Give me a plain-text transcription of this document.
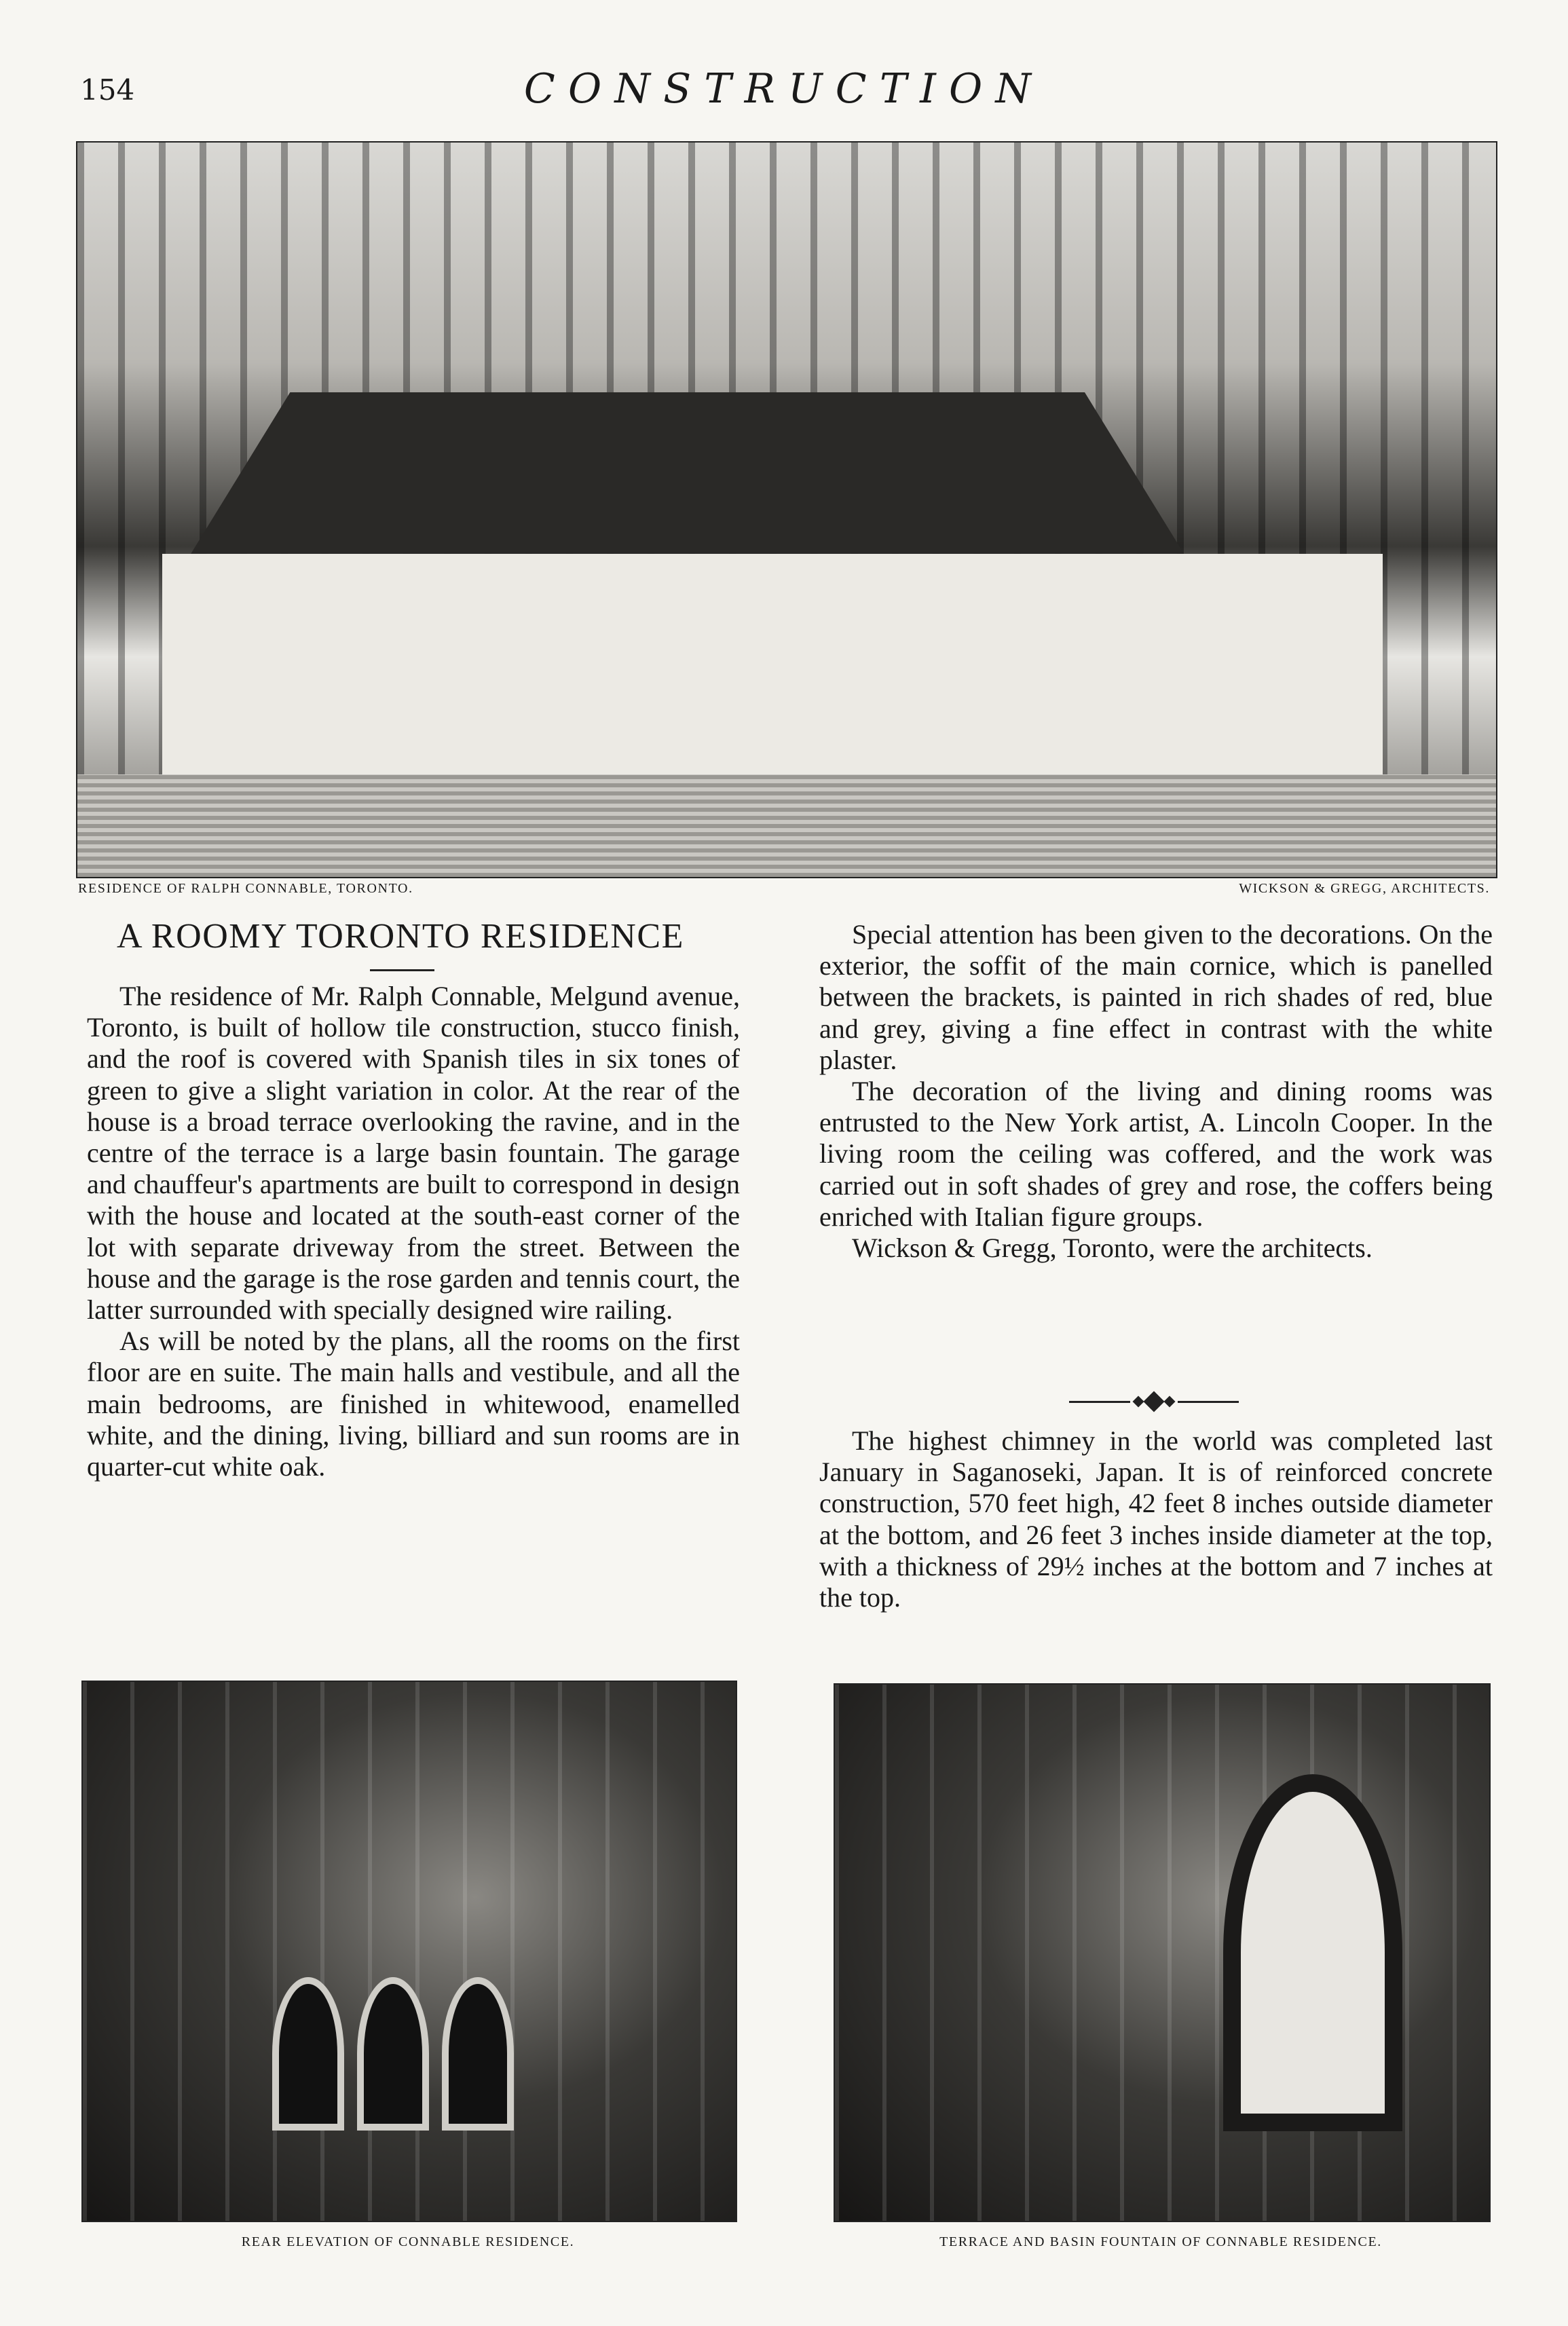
154	CONSTRUCTION
RESIDENCE OF RALPH CONNABLE, TORONTO.	WICKSON & GREGG, ARCHITECTS.
A ROOMY TORONTO RESIDENCE

The residence of Mr. Ralph Connable, Melgund avenue, Toronto, is built of hollow tile construction, stucco finish, and the roof is covered with Spanish tiles in six tones of green to give a slight variation in color. At the rear of the house is a broad terrace overlooking the ravine, and in the centre of the terrace is a large basin fountain. The garage and chauffeur's apartments are built to correspond in design with the house and located at the south-east corner of the lot with separate driveway from the street. Between the house and the garage is the rose garden and tennis court, the latter surrounded with specially designed wire railing.

As will be noted by the plans, all the rooms on the first floor are en suite. The main halls and vestibule, and all the main bedrooms, are finished in whitewood, enamelled white, and the dining, living, billiard and sun rooms are in quarter-cut white oak.

Special attention has been given to the decorations. On the exterior, the soffit of the main cornice, which is panelled between the brackets, is painted in rich shades of red, blue and grey, giving a fine effect in contrast with the white plaster.

The decoration of the living and dining rooms was entrusted to the New York artist, A. Lincoln Cooper. In the living room the ceiling was coffered, and the work was carried out in soft shades of grey and rose, the coffers being enriched with Italian figure groups.

Wickson & Gregg, Toronto, were the architects.

The highest chimney in the world was completed last January in Saganoseki, Japan. It is of reinforced concrete construction, 570 feet high, 42 feet 8 inches outside diameter at the bottom, and 26 feet 3 inches inside diameter at the top, with a thickness of 29½ inches at the bottom and 7 inches at the top.

REAR ELEVATION OF CONNABLE RESIDENCE.	TERRACE AND BASIN FOUNTAIN OF CONNABLE RESIDENCE.
